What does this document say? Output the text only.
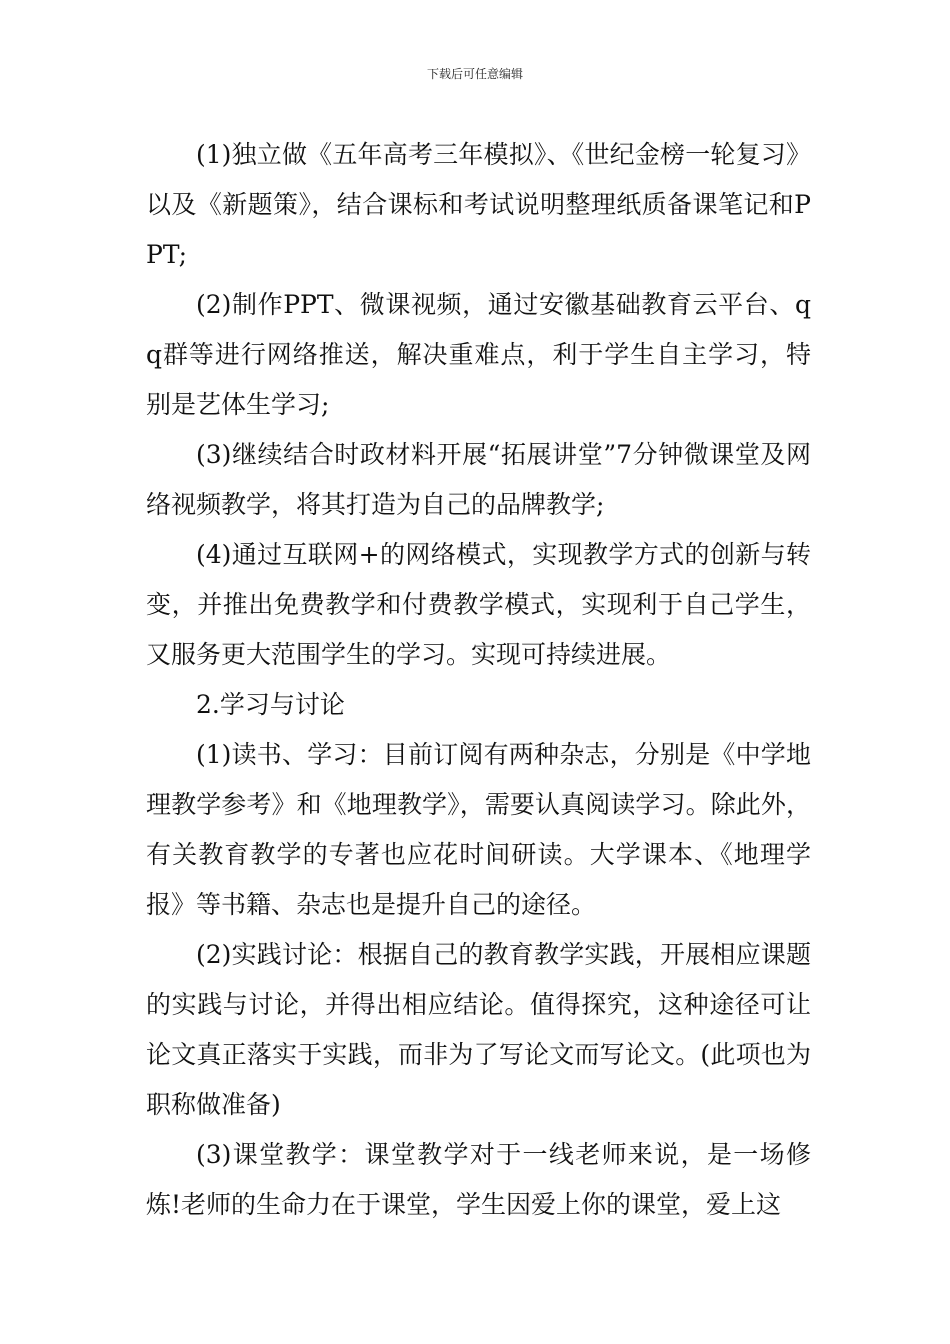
下载后可任意编辑

(1)独立做《五年高考三年模拟》、《世纪金榜一轮复习》以及《新题策》，结合课标和考试说明整理纸质备课笔记和PPT;

(2)制作PPT、微课视频，通过安徽基础教育云平台、qq群等进行网络推送，解决重难点，利于学生自主学习，特别是艺体生学习;

(3)继续结合时政材料开展“拓展讲堂”7分钟微课堂及网络视频教学，将其打造为自己的品牌教学;

(4)通过互联网+的网络模式，实现教学方式的创新与转变，并推出免费教学和付费教学模式，实现利于自己学生，又服务更大范围学生的学习。实现可持续进展。

2.学习与讨论

(1)读书、学习：目前订阅有两种杂志，分别是《中学地理教学参考》和《地理教学》，需要认真阅读学习。除此外，有关教育教学的专著也应花时间研读。大学课本、《地理学报》等书籍、杂志也是提升自己的途径。

(2)实践讨论：根据自己的教育教学实践，开展相应课题的实践与讨论，并得出相应结论。值得探究，这种途径可让论文真正落实于实践，而非为了写论文而写论文。(此项也为职称做准备)

(3)课堂教学：课堂教学对于一线老师来说，是一场修炼!老师的生命力在于课堂，学生因爱上你的课堂，爱上这
